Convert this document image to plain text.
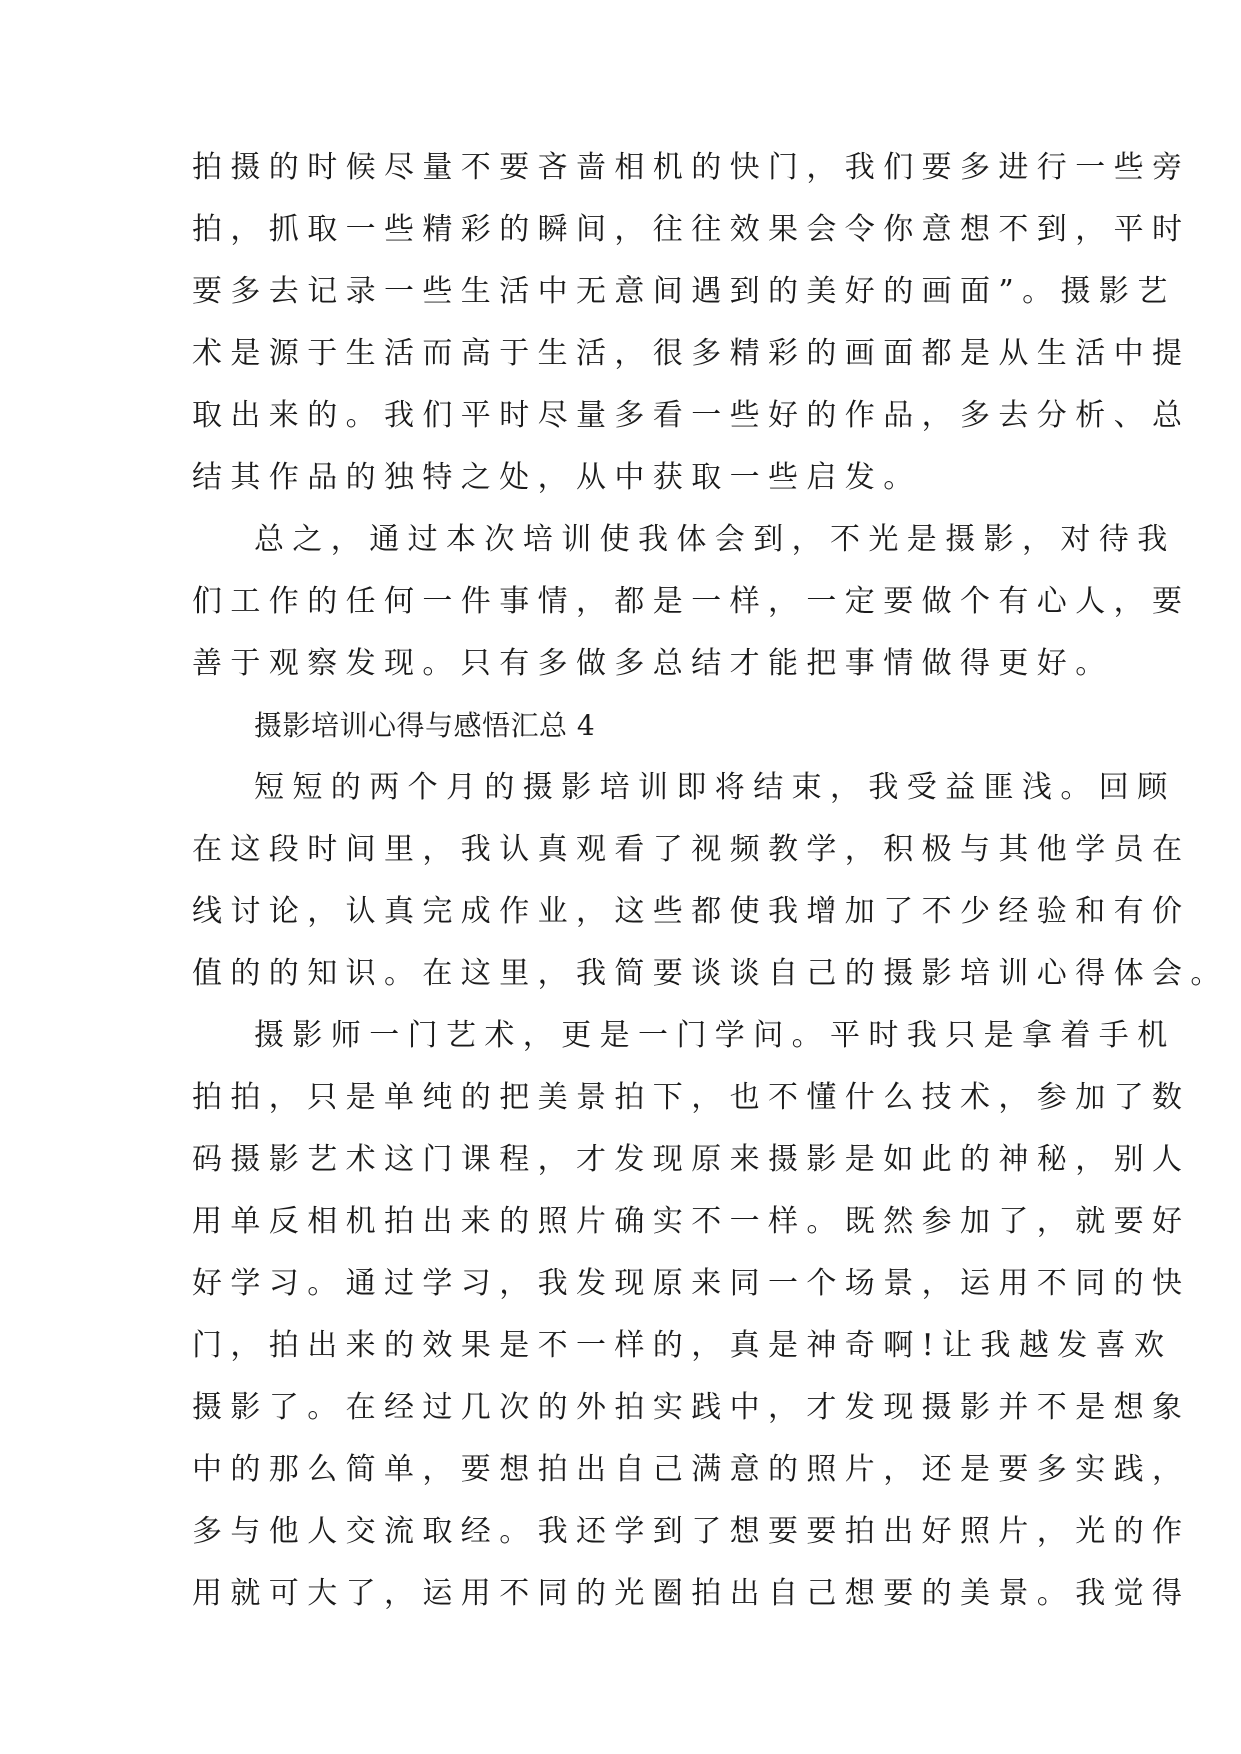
拍摄的时候尽量不要吝啬相机的快门，我们要多进行一些旁

拍，抓取一些精彩的瞬间，往往效果会令你意想不到，平时

要多去记录一些生活中无意间遇到的美好的画面”。摄影艺

术是源于生活而高于生活，很多精彩的画面都是从生活中提

取出来的。我们平时尽量多看一些好的作品，多去分析、总

结其作品的独特之处，从中获取一些启发。

总之，通过本次培训使我体会到，不光是摄影，对待我

们工作的任何一件事情，都是一样，一定要做个有心人，要

善于观察发现。只有多做多总结才能把事情做得更好。

摄影培训心得与感悟汇总 4

短短的两个月的摄影培训即将结束，我受益匪浅。回顾

在这段时间里，我认真观看了视频教学，积极与其他学员在

线讨论，认真完成作业，这些都使我增加了不少经验和有价

值的的知识。在这里，我简要谈谈自己的摄影培训心得体会。

摄影师一门艺术，更是一门学问。平时我只是拿着手机

拍拍，只是单纯的把美景拍下，也不懂什么技术，参加了数

码摄影艺术这门课程，才发现原来摄影是如此的神秘，别人

用单反相机拍出来的照片确实不一样。既然参加了，就要好

好学习。通过学习，我发现原来同一个场景，运用不同的快

门，拍出来的效果是不一样的，真是神奇啊!让我越发喜欢

摄影了。在经过几次的外拍实践中，才发现摄影并不是想象

中的那么简单，要想拍出自己满意的照片，还是要多实践，

多与他人交流取经。我还学到了想要要拍出好照片，光的作

用就可大了，运用不同的光圈拍出自己想要的美景。我觉得
